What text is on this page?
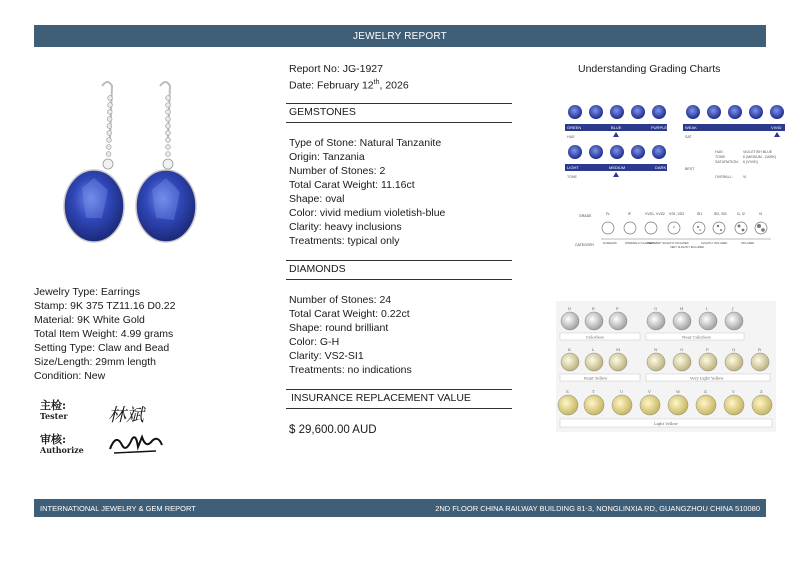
JEWELRY REPORT
Jewelry Type: Earrings
Stamp: 9K 375 TZ11.16 D0.22
Material: 9K White Gold
Total Item Weight: 4.99 grams
Setting Type: Claw and Bead
Size/Length: 29mm length
Condition: New
主检:
Tester
审核:
Authorize
林斌
Report No: JG-1927
Date: February 12th, 2026
GEMSTONES
Type of Stone: Natural Tanzanite
Origin: Tanzania
Number of Stones: 2
Total Carat Weight: 11.16ct
Shape: oval
Color: vivid medium violetish-blue
Clarity: heavy inclusions
Treatments: typical only
DIAMONDS
Number of Stones: 24
Total Carat Weight: 0.22ct
Shape: round brilliant
Color: G-H
Clarity: VS2-SI1
Treatments: no indications
INSURANCE REPLACEMENT VALUE
$ 29,600.00 AUD
Understanding Grading Charts
GREEN	BLUE	PURPLE
LIGHT	MEDIUM	DARK
WEAK	VIVID
HUE
TONE
SAT
BEST
HUE:	VIOLETISH BLUE
TONE:	6 (MEDIUM - DARK)
SATURATION: 6 (VIVID)
OVERALL:	VI
GRADE
CATEGORY
FL	IF	VVS1, VVS2 VS1, VS2	SI1	SI2, SI3	I1, I2	I3
FLAWLESS	INTERNALLY FLAWLESS
VERY VERY SLIGHTLY INCLUDED
VERY SLIGHTLY INCLUDED
SLIGHTLY INCLUDED	INCLUDED
D	E	F	G	H	I	J
Colorless	Near Colorless
K	L	M	N	O	P	Q	R
Faint Yellow	Very Light Yellow
S	T	U	V	W	X	Y	Z
Light Yellow
INTERNATIONAL JEWELRY & GEM REPORT	2ND FLOOR CHINA RAILWAY BUILDING 81-3, NONGLINXIA RD, GUANGZHOU CHINA 510080
